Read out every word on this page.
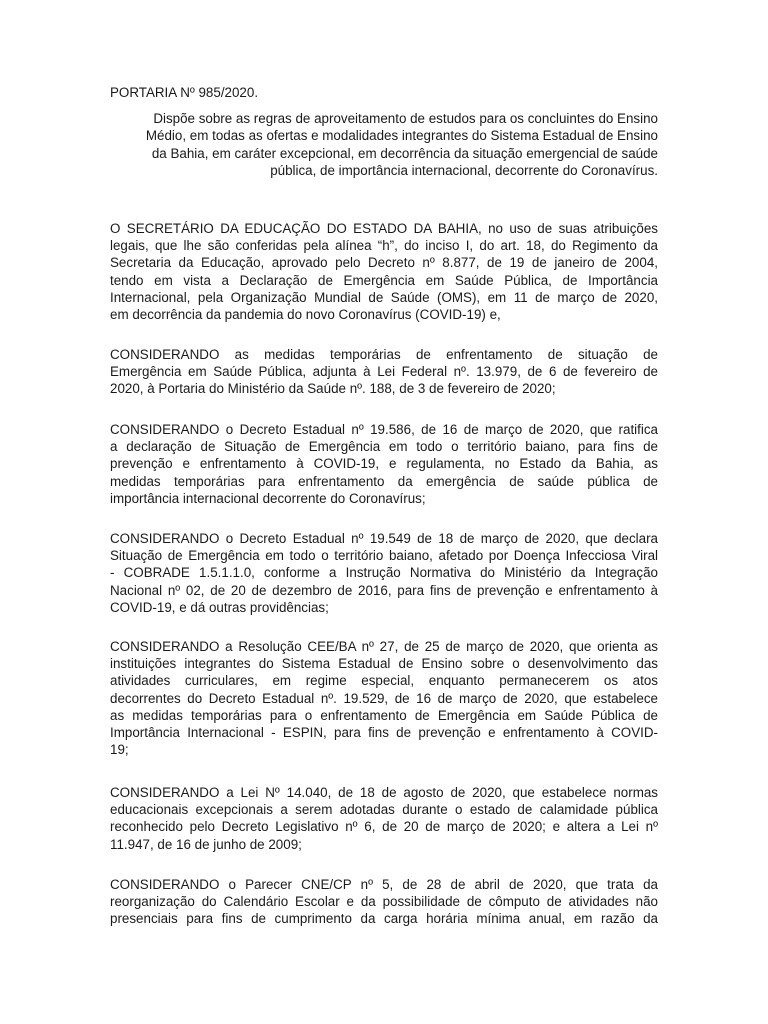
PORTARIA Nº 985/2020.
Dispõe sobre as regras de aproveitamento de estudos para os concluintes do Ensino
Médio, em todas as ofertas e modalidades integrantes do Sistema Estadual de Ensino
da Bahia, em caráter excepcional, em decorrência da situação emergencial de saúde
pública, de importância internacional, decorrente do Coronavírus.
O SECRETÁRIO DA EDUCAÇÃO DO ESTADO DA BAHIA, no uso de suas atribuições
legais, que lhe são conferidas pela alínea “h”, do inciso I, do art. 18, do Regimento da
Secretaria da Educação, aprovado pelo Decreto nº 8.877, de 19 de janeiro de 2004,
tendo em vista a Declaração de Emergência em Saúde Pública, de Importância
Internacional, pela Organização Mundial de Saúde (OMS), em 11 de março de 2020,
em decorrência da pandemia do novo Coronavírus (COVID-19) e,
CONSIDERANDO as medidas temporárias de enfrentamento de situação de
Emergência em Saúde Pública, adjunta à Lei Federal nº. 13.979, de 6 de fevereiro de
2020, à Portaria do Ministério da Saúde nº. 188, de 3 de fevereiro de 2020;
CONSIDERANDO o Decreto Estadual nº 19.586, de 16 de março de 2020, que ratifica
a declaração de Situação de Emergência em todo o território baiano, para fins de
prevenção e enfrentamento à COVID-19, e regulamenta, no Estado da Bahia, as
medidas temporárias para enfrentamento da emergência de saúde pública de
importância internacional decorrente do Coronavírus;
CONSIDERANDO o Decreto Estadual nº 19.549 de 18 de março de 2020, que declara
Situação de Emergência em todo o território baiano, afetado por Doença Infecciosa Viral
- COBRADE 1.5.1.1.0, conforme a Instrução Normativa do Ministério da Integração
Nacional nº 02, de 20 de dezembro de 2016, para fins de prevenção e enfrentamento à
COVID-19, e dá outras providências;
CONSIDERANDO a Resolução CEE/BA nº 27, de 25 de março de 2020, que orienta as
instituições integrantes do Sistema Estadual de Ensino sobre o desenvolvimento das
atividades curriculares, em regime especial, enquanto permanecerem os atos
decorrentes do Decreto Estadual nº. 19.529, de 16 de março de 2020, que estabelece
as medidas temporárias para o enfrentamento de Emergência em Saúde Pública de
Importância Internacional - ESPIN, para fins de prevenção e enfrentamento à COVID-
19;
CONSIDERANDO a Lei Nº 14.040, de 18 de agosto de 2020, que estabelece normas
educacionais excepcionais a serem adotadas durante o estado de calamidade pública
reconhecido pelo Decreto Legislativo nº 6, de 20 de março de 2020; e altera a Lei nº
11.947, de 16 de junho de 2009;
CONSIDERANDO o Parecer CNE/CP nº 5, de 28 de abril de 2020, que trata da
reorganização do Calendário Escolar e da possibilidade de cômputo de atividades não
presenciais para fins de cumprimento da carga horária mínima anual, em razão da
